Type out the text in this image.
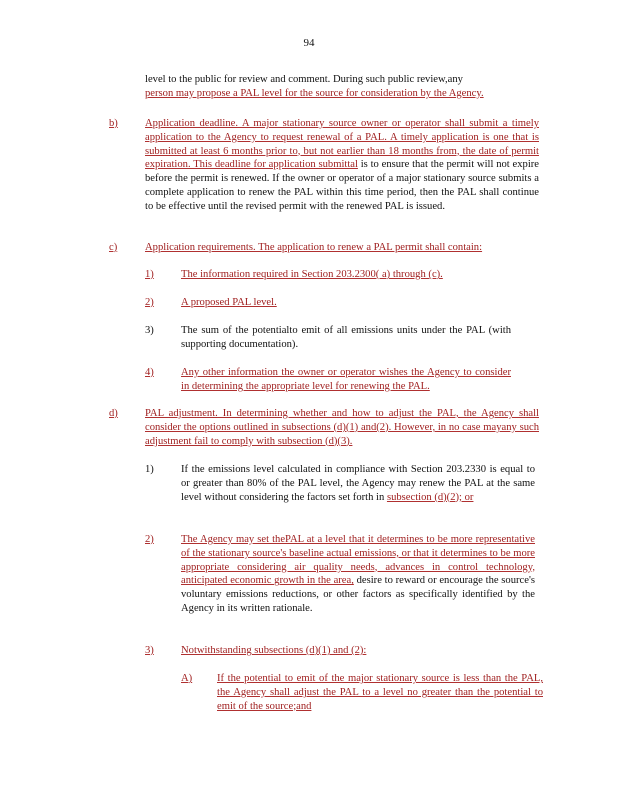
94
level to the public for review and comment. During such public review,any
person may propose a PAL level for the source for consideration by the Agency.
b)	Application deadline. A major stationary source owner or operator shall submit a timely application to the Agency to request renewal of a PAL. A timely application is one that is submitted at least 6 months prior to, but not earlier than 18 months from, the date of permit expiration. This deadline for application submittal is to ensure that the permit will not expire before the permit is renewed. If the owner or operator of a major stationary source submits a complete application to renew the PAL within this time period, then the PAL shall continue to be effective until the revised permit with the renewed PAL is issued.
c)	Application requirements. The application to renew a PAL permit shall contain:
1)	The information required in Section 203.2300( a) through (c).
2)	A proposed PAL level.
3)	The sum of the potentialto emit of all emissions units under the PAL (with supporting documentation).
4)	Any other information the owner or operator wishes the Agency to consider in determining the appropriate level for renewing the PAL.
d)	PAL adjustment. In determining whether and how to adjust the PAL, the Agency shall consider the options outlined in subsections (d)(1) and(2). However, in no case mayany such adjustment fail to comply with subsection (d)(3).
1)	If the emissions level calculated in compliance with Section 203.2330 is equal to or greater than 80% of the PAL level, the Agency may renew the PAL at the same level without considering the factors set forth in subsection (d)(2); or
2)	The Agency may set thePAL at a level that it determines to be more representative of the stationary source's baseline actual emissions, or that it determines to be more appropriate considering air quality needs, advances in control technology, anticipated economic growth in the area, desire to reward or encourage the source's voluntary emissions reductions, or other factors as specifically identified by the Agency in its written rationale.
3)	Notwithstanding subsections (d)(1) and (2):
A) If the potential to emit of the major stationary source is less than the PAL, the Agency shall adjust the PAL to a level no greater than the potential to emit of the source;and
